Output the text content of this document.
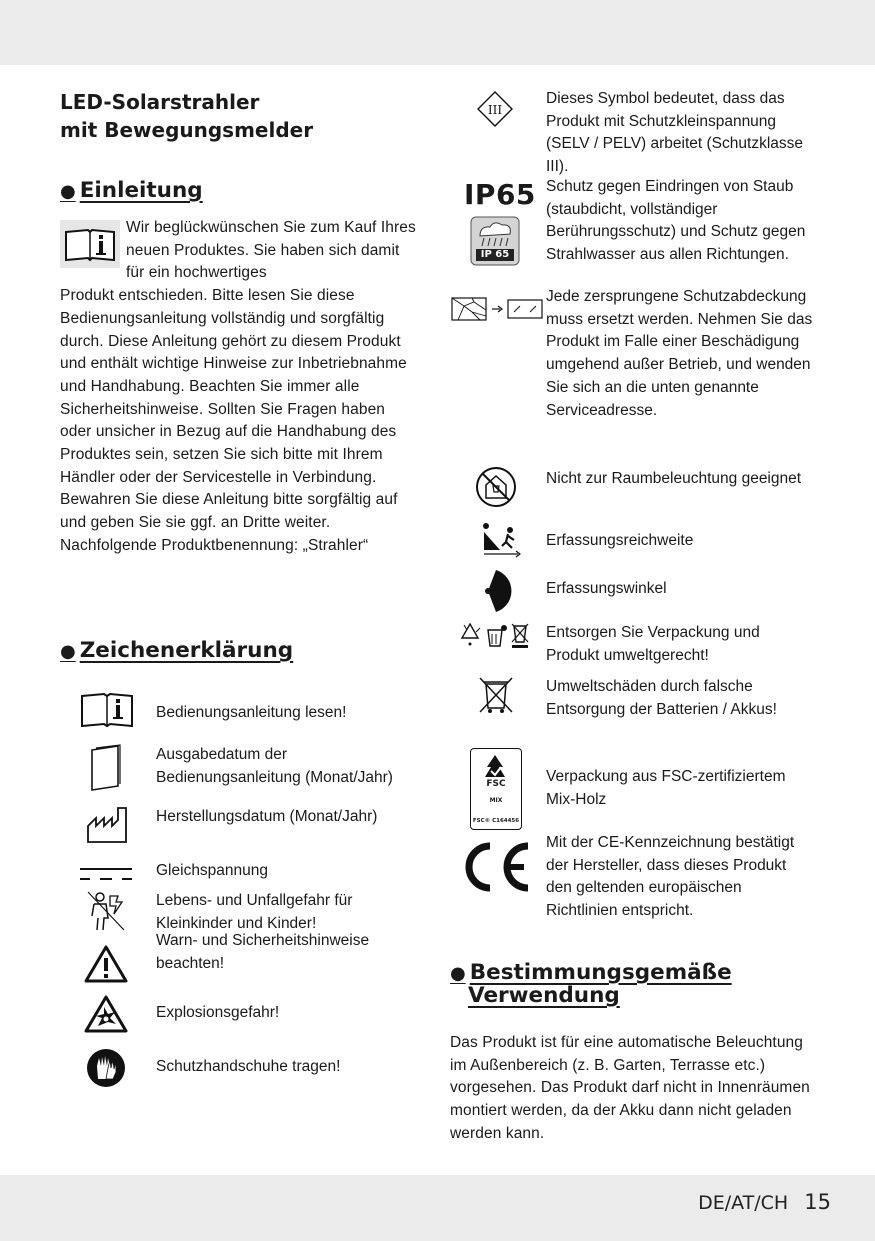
LED-Solarstrahler
mit Bewegungsmelder
● Einleitung
Wir beglückwünschen Sie zum Kauf Ihres neuen Produktes. Sie haben sich damit für ein hochwertiges
Produkt entschieden. Bitte lesen Sie diese Bedienungsanleitung vollständig und sorgfältig durch. Diese Anleitung gehört zu diesem Produkt und enthält wichtige Hinweise zur Inbetriebnahme und Handhabung. Beachten Sie immer alle Sicherheitshinweise. Sollten Sie Fragen haben oder unsicher in Bezug auf die Handhabung des Produktes sein, setzen Sie sich bitte mit Ihrem Händler oder der Servicestelle in Verbindung. Bewahren Sie diese Anleitung bitte sorgfältig auf und geben Sie sie ggf. an Dritte weiter. Nachfolgende Produktbenennung: „Strahler“
● Zeichenerklärung
Bedienungsanleitung lesen!
Ausgabedatum der Bedienungsanleitung (Monat/Jahr)
Herstellungsdatum (Monat/Jahr)
Gleichspannung
Lebens- und Unfallgefahr für Kleinkinder und Kinder!
Warn- und Sicherheitshinweise beachten!
Explosionsgefahr!
Schutzhandschuhe tragen!
III
Dieses Symbol bedeutet, dass das Produkt mit Schutzkleinspannung (SELV / PELV) arbeitet (Schutzklasse III).
IP65
IP 65
Schutz gegen Eindringen von Staub (staubdicht, vollständiger Berührungsschutz) und Schutz gegen Strahlwasser aus allen Richtungen.
Jede zersprungene Schutzabdeckung muss ersetzt werden. Nehmen Sie das Produkt im Falle einer Beschädigung umgehend außer Betrieb, und wenden Sie sich an die unten genannte Serviceadresse.
Nicht zur Raumbeleuchtung geeignet
Erfassungsreichweite
Erfassungswinkel
Entsorgen Sie Verpackung und Produkt umweltgerecht!
Umweltschäden durch falsche Entsorgung der Batterien / Akkus!
FSC
MIX
FSC® C164456
Verpackung aus FSC-zertifiziertem Mix-Holz
Mit der CE-Kennzeichnung bestätigt der Hersteller, dass dieses Produkt den geltenden europäischen Richtlinien entspricht.
● Bestimmungsgemäße
Verwendung
Das Produkt ist für eine automatische Beleuchtung im Außenbereich (z. B. Garten, Terrasse etc.) vorgesehen. Das Produkt darf nicht in Innenräumen montiert werden, da der Akku dann nicht geladen werden kann.
DE/AT/CH 15
